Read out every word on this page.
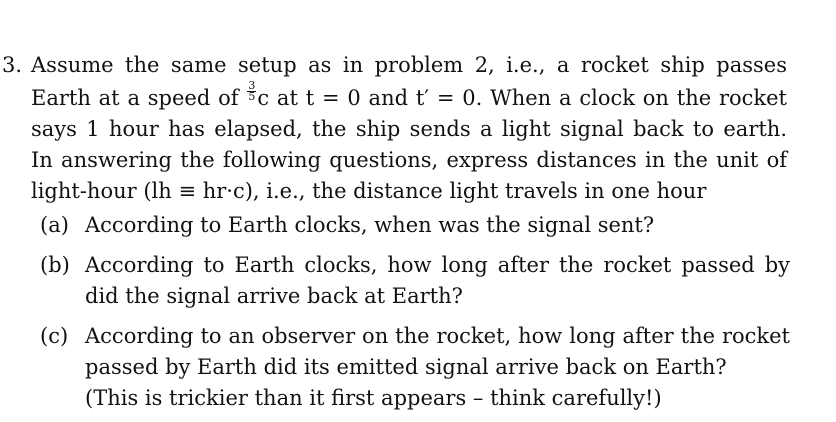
3. Assume the same setup as in problem 2, i.e., a rocket ship passes
Earth at a speed of $\frac{3}{5}$ c at t = 0 and t′ = 0. When a clock on the rocket
says 1 hour has elapsed, the ship sends a light signal back to earth.
In answering the following questions, express distances in the unit of
light-hour (lh ≡ hr·c), i.e., the distance light travels in one hour
(a) According to Earth clocks, when was the signal sent?
(b) According to Earth clocks, how long after the rocket passed by
did the signal arrive back at Earth?
(c) According to an observer on the rocket, how long after the rocket
passed by Earth did its emitted signal arrive back on Earth?
(This is trickier than it first appears – think carefully!)
